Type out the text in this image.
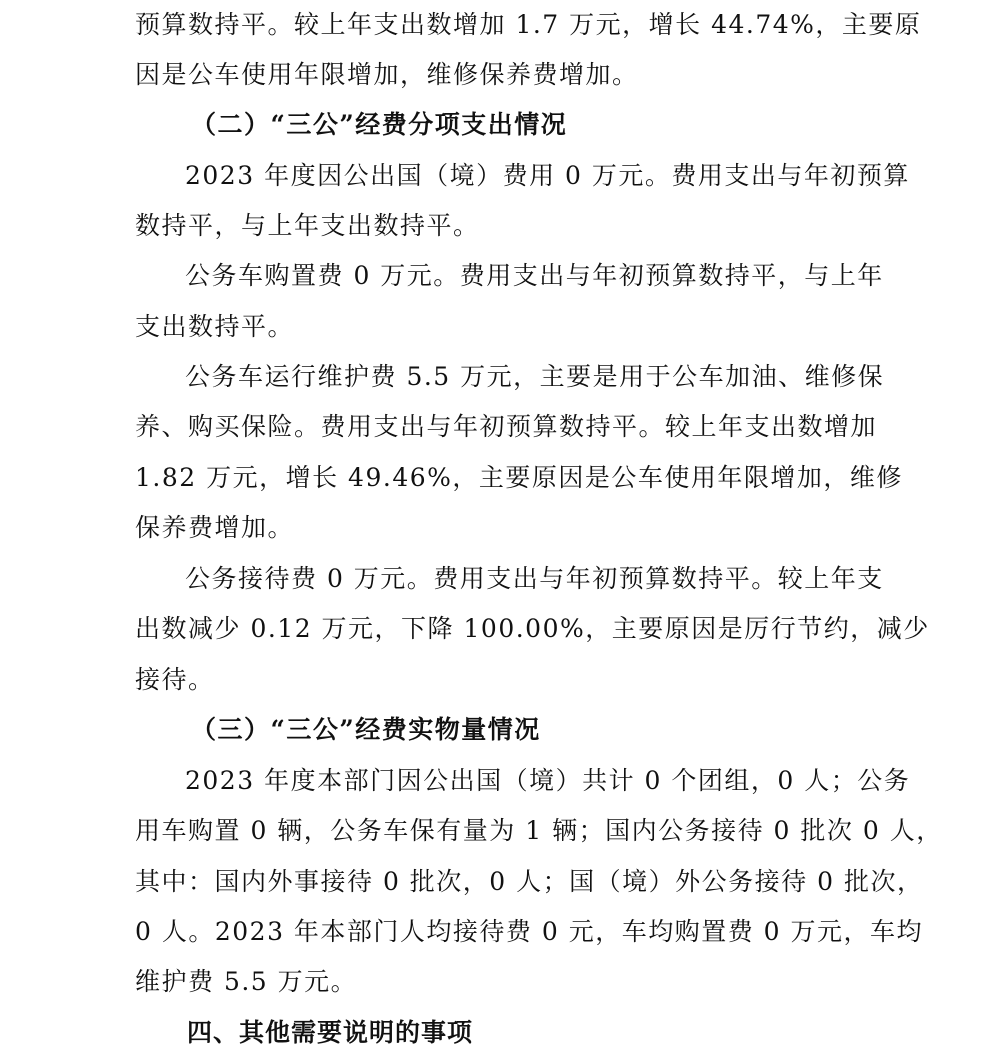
预算数持平。较上年支出数增加 1.7 万元，增长 44.74%，主要原
因是公车使用年限增加，维修保养费增加。
（二）“三公”经费分项支出情况
2023 年度因公出国（境）费用 0 万元。费用支出与年初预算
数持平，与上年支出数持平。
公务车购置费 0 万元。费用支出与年初预算数持平，与上年
支出数持平。
公务车运行维护费 5.5 万元，主要是用于公车加油、维修保
养、购买保险。费用支出与年初预算数持平。较上年支出数增加
1.82 万元，增长 49.46%，主要原因是公车使用年限增加，维修
保养费增加。
公务接待费 0 万元。费用支出与年初预算数持平。较上年支
出数减少 0.12 万元，下降 100.00%，主要原因是厉行节约，减少
接待。
（三）“三公”经费实物量情况
2023 年度本部门因公出国（境）共计 0 个团组，0 人；公务
用车购置 0 辆，公务车保有量为 1 辆；国内公务接待 0 批次 0 人，
其中：国内外事接待 0 批次，0 人；国（境）外公务接待 0 批次，
0 人。2023 年本部门人均接待费 0 元，车均购置费 0 万元，车均
维护费 5.5 万元。
四、其他需要说明的事项
